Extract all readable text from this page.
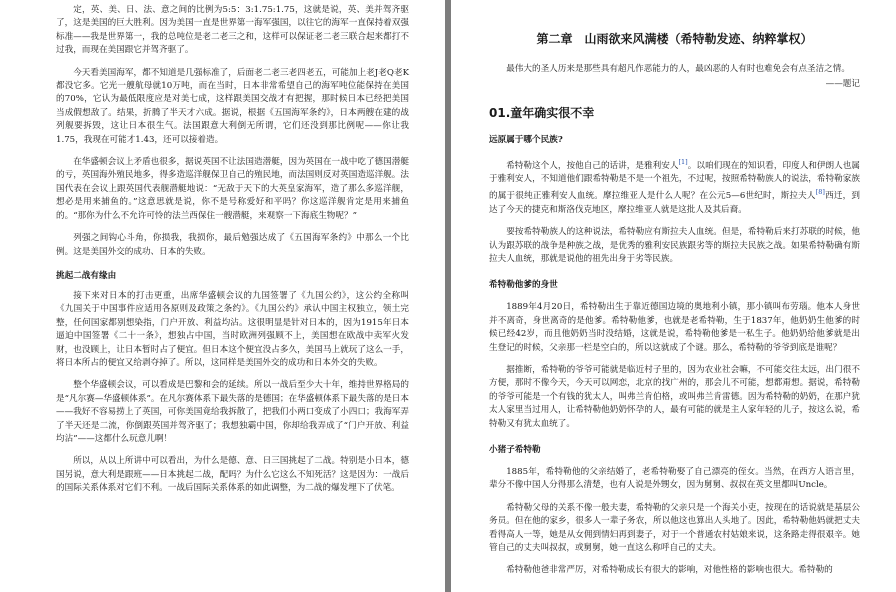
定，英、美、日、法、意之间的比例为5:5：3:1.75:1.75，这就是说，英、美并驾齐驱了，这是美国的巨大胜利。因为美国一直是世界第一海军强国，以往它的海军一直保持着双强标准——我是世界第一，我的总吨位是老二老三之和，这样可以保证老二老三联合起来都打不过我，而现在美国跟它并驾齐驱了。

今天看美国海军，都不知道是几强标准了，后面老二老三老四老五，可能加上老J老Q老K都没它多。它光一艘航母就10万吨，而在当时，日本非常希望自己的海军吨位能保持在美国的70%，它认为最低限度应是对美七成，这样跟美国交战才有把握，那时候日本已经把美国当成假想敌了。结果，折腾了半天才六成。据说，根据《五国海军条约》，日本两艘在建的战列舰要拆毁，这让日本很生气。法国跟意大利倒无所谓，它们还没到那比例呢——你让我1.75，我现在可能才1.43，还可以接着造。

在华盛顿会议上矛盾也很多，据说英国不让法国造潜艇，因为英国在一战中吃了德国潜艇的亏，英国海外殖民地多，得多造巡洋舰保卫自己的殖民地，而法国则反对英国造巡洋舰。法国代表在会议上跟英国代表舰潜艇地说：“无敌于天下的大英皇家海军，造了那么多巡洋舰，想必是用来捕鱼的。”这意思就是说，你不是号称爱好和平吗？你这巡洋舰肯定是用来捕鱼的。“那你为什么不允许可怜的法兰西保住一艘潜艇，来观察一下海底生物呢？”

列强之间钩心斗角，你损我，我损你，最后勉强达成了《五国海军条约》中那么一个比例。这是美国外交的成功、日本的失败。

挑起二战有缘由

接下来对日本的打击更重，出席华盛顿会议的九国签署了《九国公约》，这公约全称叫《九国关于中国事件应适用各原则及政策之条约》。《九国公约》承认中国主权独立，领土完整，任何国家都别想染指，门户开放、利益均沾。这很明显是针对日本的，因为1915年日本逼迫中国签署《二十一条》，想独占中国，当时欧洲列强顾不上，美国想在欧战中卖军火发财，也没顾上，让日本暂时占了便宜。但日本这个便宜没占多久，美国马上就玩了这么一手，将日本所占的便宜又给剥夺掉了。所以，这同样是美国外交的成功和日本外交的失败。

整个华盛顿会议，可以看成是巴黎和会的延续。所以一战后至少大十年，维持世界格局的是“凡尔赛—华盛顿体系”。在凡尔赛体系下最失落的是德国；在华盛顿体系下最失落的是日本——我好不容易捞上了英国，可你美国竟给我拆散了，把我们小两口变成了小四口；我海军弄了半天还是二流，你倒跟英国并驾齐驱了；我想独霸中国，你却给我弄成了“门户开放、利益均沾”——这都什么玩意儿啊！

所以，从以上所讲中可以看出，为什么是德、意、日三国挑起了二战。特别是小日本，德国另说，意大利是跟班——日本挑起二战，配吗？为什么它这么不知死活？这是因为：一战后的国际关系体系对它们不利。一战后国际关系体系的如此调整，为二战的爆发埋下了伏笔。

第二章　山雨欲来风满楼（希特勒发迹、纳粹掌权）

最伟大的圣人历来是那些具有超凡作恶能力的人，最凶恶的人有时也难免会有点圣洁之情。

——题记
01.童年确实很不幸
远原属于哪个民族?

希特勒这个人，按他自己的话讲，是雅利安人[1]。以咱们现在的知识看，印度人和伊朗人也属于雅利安人，不知道他们跟希特勒是不是一个祖先，不过呢，按照希特勒族人的说法，希特勒家族的属于很纯正雅利安人血统。摩拉维亚人是什么人呢？在公元5—6世纪时，斯拉夫人[8]西迁，到达了今天的捷克和斯洛伐克地区，摩拉维亚人就是这批人及其后裔。

要按希特勒族人的这种说法，希特勒应有斯拉夫人血统。但是，希特勒后来打苏联的时候，他认为跟苏联的战争是种族之战，是优秀的雅利安民族跟劣等的斯拉夫民族之战。如果希特勒确有斯拉夫人血统，那就是说他的祖先出身于劣等民族。

希特勒他爹的身世

1889年4月20日，希特勒出生于靠近德国边境的奥地利小镇，那小镇叫布劳瑙。他本人身世并不离奇，身世离奇的是他爹。希特勒他爹，也就是老希特勒，生于1837年，他奶奶生他爹的时候已经42岁，而且他奶奶当时没结婚，这就是说，希特勒他爹是一私生子。他奶奶给他爹就是出生登记的时候，父亲那一栏是空白的，所以这就成了个谜。那么，希特勒的爷爷到底是谁呢？

据推断，希特勒的爷爷可能就是临近村子里的，因为农业社会嘛，不可能交往太远，出门很不方便，那时不像今天，今天可以网恋，北京的找广州的，那会儿不可能，想都甭想。据说，希特勒的爷爷可能是一个有钱的犹太人，叫弗兰肯伯格，或叫弗兰肯雷德。因为希特勒的奶奶，在那户犹太人家里当过用人，让希特勒他奶奶怀孕的人，最有可能的就是主人家年轻的儿子，按这么说，希特勒又有犹太血统了。

小猪子希特勒

1885年，希特勒他的父亲结婚了，老希特勒娶了自己漂亮的侄女。当然，在西方人语言里，辈分不像中国人分得那么清楚，也有人说是外甥女，因为舅舅、叔叔在英文里都叫Uncle。

希特勒父母的关系不像一般夫妻，希特勒的父亲只是一个海关小吏，按现在的话说就是基层公务员。但在他的家乡，很多人一辈子务农，所以他这也算出人头地了。因此，希特勒他妈就把丈夫看得高人一等，她是从女佣到情妇再到妻子，对于一个普通农村姑娘来说，这条路走得很艰辛。她管自己的丈夫叫叔叔，或舅舅，她一直这么称呼自己的丈夫。

希特勒他爸非常严厉，对希特勒成长有很大的影响，对他性格的影响也很大。希特勒的
